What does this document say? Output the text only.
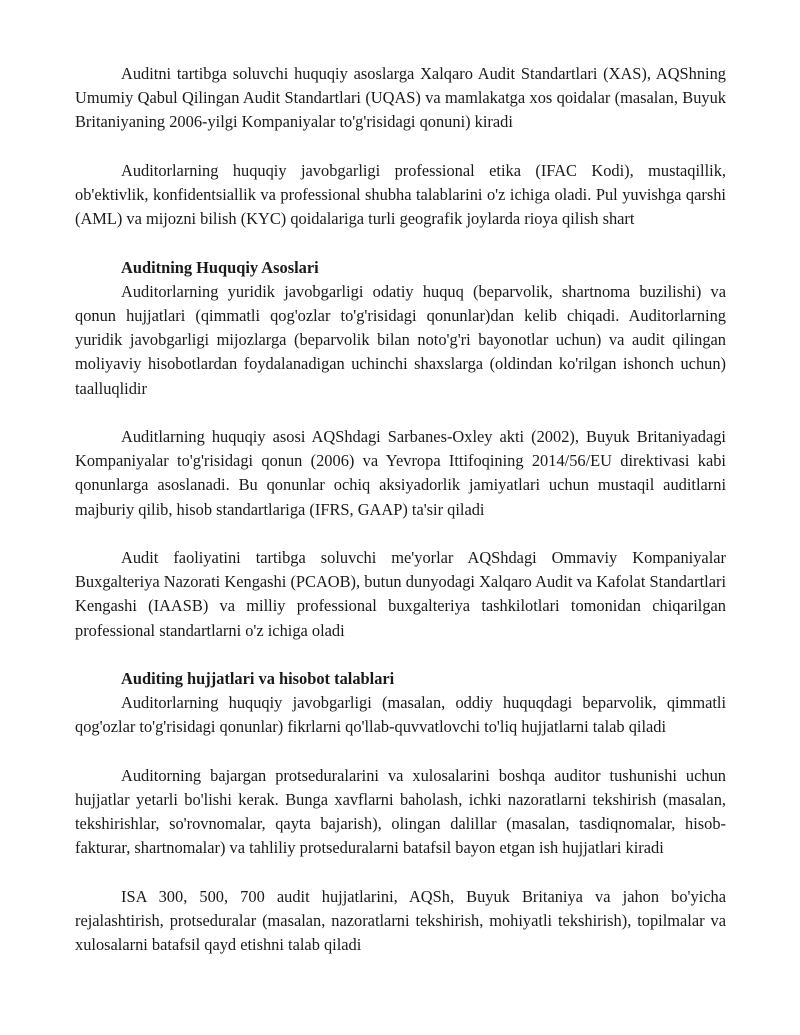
Auditni tartibga soluvchi huquqiy asoslarga Xalqaro Audit Standartlari (XAS), AQShning Umumiy Qabul Qilingan Audit Standartlari (UQAS) va mamlakatga xos qoidalar (masalan, Buyuk Britaniyaning 2006-yilgi Kompaniyalar to'g'risidagi qonuni) kiradi

Auditorlarning huquqiy javobgarligi professional etika (IFAC Kodi), mustaqillik, ob'ektivlik, konfidentsiallik va professional shubha talablarini o'z ichiga oladi. Pul yuvishga qarshi (AML) va mijozni bilish (KYC) qoidalariga turli geografik joylarda rioya qilish shart

Auditning Huquqiy Asoslari

Auditorlarning yuridik javobgarligi odatiy huquq (beparvolik, shartnoma buzilishi) va qonun hujjatlari (qimmatli qog'ozlar to'g'risidagi qonunlar)dan kelib chiqadi. Auditorlarning yuridik javobgarligi mijozlarga (beparvolik bilan noto'g'ri bayonotlar uchun) va audit qilingan moliyaviy hisobotlardan foydalanadigan uchinchi shaxslarga (oldindan ko'rilgan ishonch uchun) taalluqlidir

Auditlarning huquqiy asosi AQShdagi Sarbanes-Oxley akti (2002), Buyuk Britaniyadagi Kompaniyalar to'g'risidagi qonun (2006) va Yevropa Ittifoqining 2014/56/EU direktivasi kabi qonunlarga asoslanadi. Bu qonunlar ochiq aksiyadorlik jamiyatlari uchun mustaqil auditlarni majburiy qilib, hisob standartlariga (IFRS, GAAP) ta'sir qiladi

Audit faoliyatini tartibga soluvchi me'yorlar AQShdagi Ommaviy Kompaniyalar Buxgalteriya Nazorati Kengashi (PCAOB), butun dunyodagi Xalqaro Audit va Kafolat Standartlari Kengashi (IAASB) va milliy professional buxgalteriya tashkilotlari tomonidan chiqarilgan professional standartlarni o'z ichiga oladi

Auditing hujjatlari va hisobot talablari

Auditorlarning huquqiy javobgarligi (masalan, oddiy huquqdagi beparvolik, qimmatli qog'ozlar to'g'risidagi qonunlar) fikrlarni qo'llab-quvvatlovchi to'liq hujjatlarni talab qiladi

Auditorning bajargan protseduralarini va xulosalarini boshqa auditor tushunishi uchun hujjatlar yetarli bo'lishi kerak. Bunga xavflarni baholash, ichki nazoratlarni tekshirish (masalan, tekshirishlar, so'rovnomalar, qayta bajarish), olingan dalillar (masalan, tasdiqnomalar, hisob-fakturar, shartnomalar) va tahliliy protseduralarni batafsil bayon etgan ish hujjatlari kiradi

ISA 300, 500, 700 audit hujjatlarini, AQSh, Buyuk Britaniya va jahon bo'yicha rejalashtirish, protseduralar (masalan, nazoratlarni tekshirish, mohiyatli tekshirish), topilmalar va xulosalarni batafsil qayd etishni talab qiladi
